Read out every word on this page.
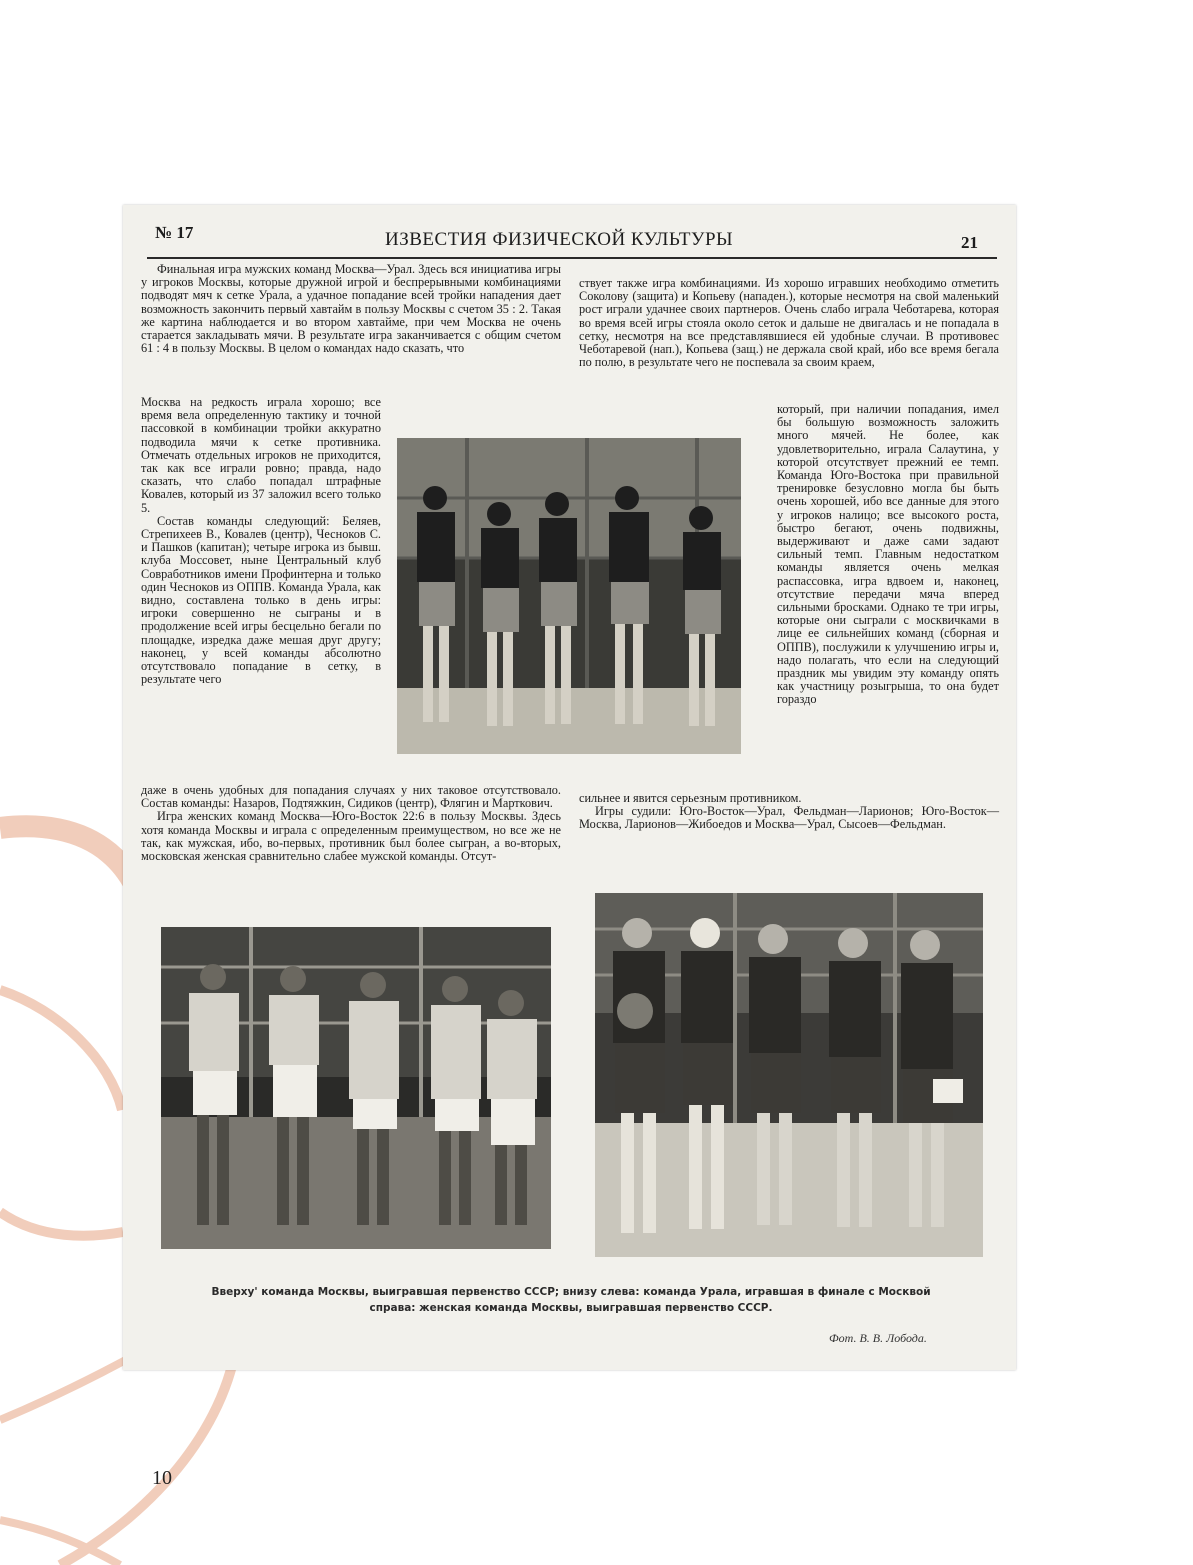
№ 17	ИЗВЕСТИЯ ФИЗИЧЕСКОЙ КУЛЬТУРЫ	21

Финальная игра мужских команд Москва—Урал. Здесь вся инициатива игры у игроков Москвы, которые дружной игрой и беспрерывными комбинациями подводят мяч к сетке Урала, а удачное попадание всей тройки нападения дает возможность закончить первый хавтайм в пользу Москвы с счетом 35 : 2. Такая же картина наблюдается и во втором хавтайме, при чем Москва не очень старается закладывать мячи. В результате игра заканчивается с общим счетом 61 : 4 в пользу Москвы. В целом о командах надо сказать, что

Москва на редкость играла хорошо; все время вела определенную тактику и точной пассовкой в комбинации тройки аккуратно подводила мячи к сетке противника. Отмечать отдельных игроков не приходится, так как все играли ровно; правда, надо сказать, что слабо попадал штрафные Ковалев, который из 37 заложил всего только 5.

Состав команды следующий: Беляев, Стрепихеев В., Ковалев (центр), Чесноков С. и Пашков (капитан); четыре игрока из бывш. клуба Моссовет, ныне Центральный клуб Совработников имени Профинтерна и только один Чесноков из ОППВ. Команда Урала, как видно, составлена только в день игры: игроки совершенно не сыграны и в продолжение всей игры бесцельно бегали по площадке, изредка даже мешая друг другу; наконец, у всей команды абсолютно отсутствовало попадание в сетку, в результате чего

даже в очень удобных для попадания случаях у них таковое отсутствовало. Состав команды: Назаров, Подтяжкин, Сидиков (центр), Флягин и Марткович.

Игра женских команд Москва—Юго-Восток 22:6 в пользу Москвы. Здесь хотя команда Москвы и играла с определенным преимуществом, но все же не так, как мужская, ибо, во-первых, противник был более сыгран, а во-вторых, московская женская сравнительно слабее мужской команды. Отсут-

ствует также игра комбинациями. Из хорошо игравших необходимо отметить Соколову (защита) и Копьеву (нападен.), которые несмотря на свой маленький рост играли удачнее своих партнеров. Очень слабо играла Чеботарева, которая во время всей игры стояла около сеток и дальше не двигалась и не попадала в сетку, несмотря на все представлявшиеся ей удобные случаи. В противовес Чеботаревой (нап.), Копьева (защ.) не держала свой край, ибо все время бегала по полю, в результате чего не поспевала за своим краем,

который, при наличии попадания, имел бы большую возможность заложить много мячей. Не более, как удовлетворительно, играла Салаутина, у которой отсутствует прежний ее темп. Команда Юго-Востока при правильной тренировке безусловно могла бы быть очень хорошей, ибо все данные для этого у игроков налицо; все высокого роста, быстро бегают, очень подвижны, выдерживают и даже сами задают сильный темп. Главным недостатком команды является очень мелкая распассовка, игра вдвоем и, наконец, отсутствие передачи мяча вперед сильными бросками. Однако те три игры, которые они сыграли с москвичками в лице ее сильнейших команд (сборная и ОППВ), послужили к улучшению игры и, надо полагать, что если на следующий праздник мы увидим эту команду опять как участницу розыгрыша, то она будет гораздо

сильнее и явится серьезным противником.

Игры судили: Юго-Восток—Урал, Фельдман—Ларионов; Юго-Восток—Москва, Ларионов—Жибоедов и Москва—Урал, Сысоев—Фельдман.

Вверху' команда Москвы, выигравшая первенство СССР; внизу слева: команда Урала, игравшая в финале с Москвой
справа: женская команда Москвы, выигравшая первенство СССР.
Фот. В. В. Лобода.
10
